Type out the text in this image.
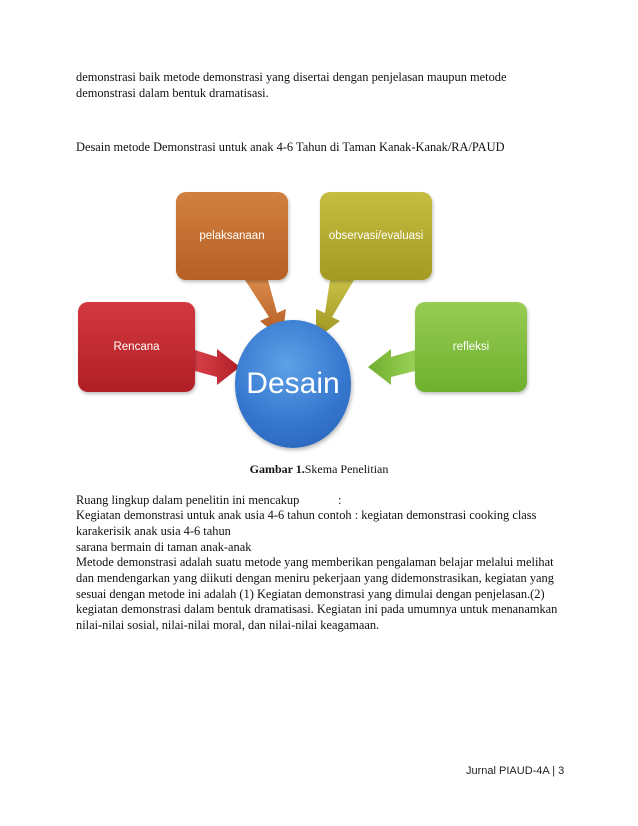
demonstrasi baik metode demonstrasi yang disertai dengan penjelasan maupun metode
demonstrasi dalam bentuk dramatisasi.
Desain metode Demonstrasi untuk anak 4-6 Tahun di Taman Kanak-Kanak/RA/PAUD
pelaksanaan	observasi/evaluasi
Rencana	refleksi
Desain
Gambar 1.Skema Penelitian
Ruang lingkup dalam penelitin ini mencakup	:
Kegiatan demonstrasi untuk anak usia 4-6 tahun contoh : kegiatan demonstrasi cooking class
karakerisik anak usia 4-6 tahun
sarana bermain di taman anak-anak
Metode demonstrasi adalah suatu metode yang memberikan pengalaman belajar melalui melihat
dan mendengarkan yang diikuti dengan meniru pekerjaan yang didemonstrasikan, kegiatan yang
sesuai dengan metode ini adalah (1) Kegiatan demonstrasi yang dimulai dengan penjelasan.(2)
kegiatan demonstrasi dalam bentuk dramatisasi. Kegiatan ini pada umumnya untuk menanamkan
nilai-nilai sosial, nilai-nilai moral, dan nilai-nilai keagamaan.
Jurnal PIAUD-4A | 3
